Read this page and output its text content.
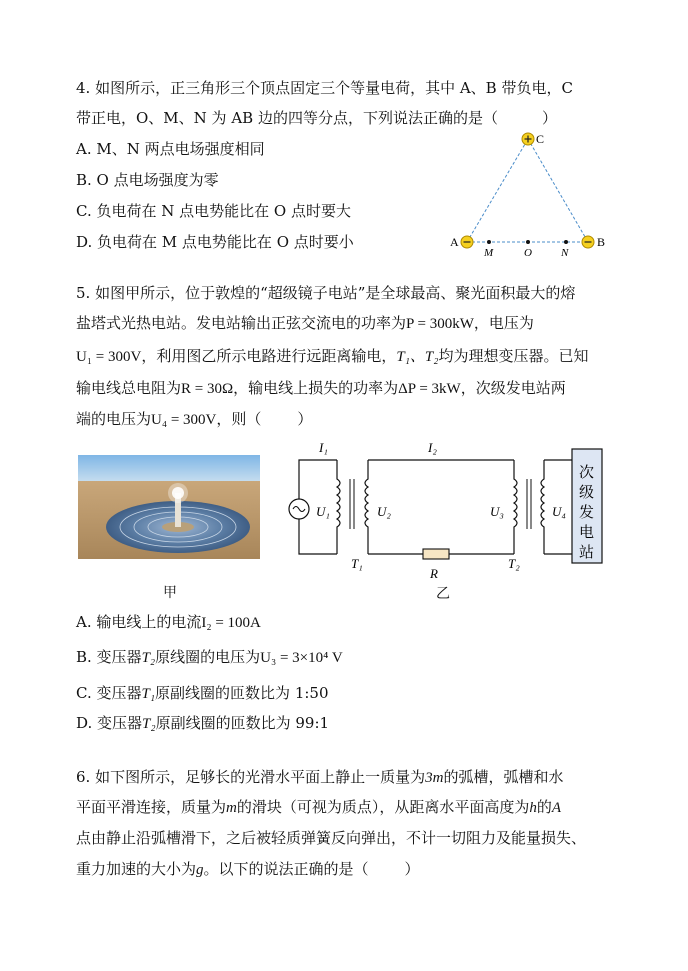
4. 如图所示，正三角形三个顶点固定三个等量电荷，其中 A、B 带负电，C
带正电，O、M、N 为 AB 边的四等分点，下列说法正确的是（	）
A. M、N 两点电场强度相同
B. O 点电场强度为零
C. 负电荷在 N 点电势能比在 O 点时要大
D. 负电荷在 M 点电势能比在 O 点时要小
C
A	B
M	O	N
5. 如图甲所示，位于敦煌的“超级镜子电站”是全球最高、聚光面积最大的熔
盐塔式光热电站。发电站输出正弦交流电的功率为P = 300kW，电压为
U₁ = 300V，利用图乙所示电路进行远距离输电，T₁、T₂均为理想变压器。已知
输电线总电阻为R = 30Ω，输电线上损失的功率为ΔP = 3kW，次级发电站两
端的电压为U₄ = 300V，则（ ）
甲
次
级
发
电
站
I₁	I₂
U₁	U₂	U₃	U₄
T₁	T₂
R
乙
A. 输电线上的电流I₂ = 100A
B. 变压器T₂原线圈的电压为U₃ = 3×10⁴ V
C. 变压器T₁原副线圈的匝数比为 1:50
D. 变压器T₂原副线圈的匝数比为 99:1
6. 如下图所示，足够长的光滑水平面上静止一质量为3m的弧槽，弧槽和水
平面平滑连接，质量为m的滑块（可视为质点），从距离水平面高度为h的A
点由静止沿弧槽滑下，之后被轻质弹簧反向弹出，不计一切阻力及能量损失、
重力加速的大小为g。以下的说法正确的是（ ）
